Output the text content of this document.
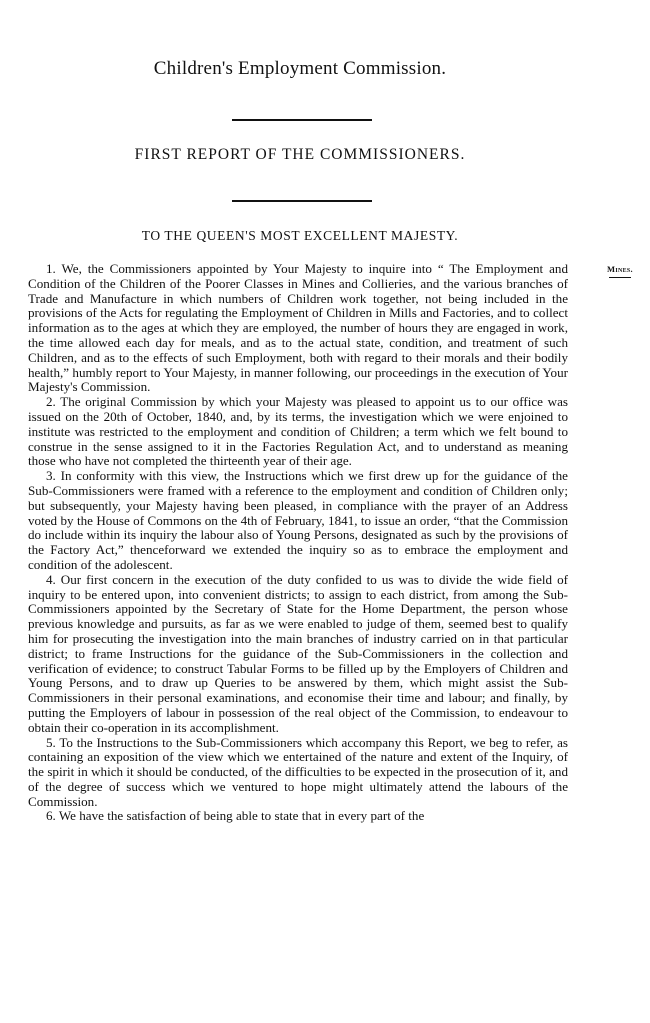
Children's Employment Commission.
FIRST REPORT OF THE COMMISSIONERS.
TO THE QUEEN'S MOST EXCELLENT MAJESTY.
Mines.

1. We, the Commissioners appointed by Your Majesty to inquire into “ The Employment and Condition of the Children of the Poorer Classes in Mines and Collieries, and the various branches of Trade and Manufacture in which numbers of Children work together, not being included in the provisions of the Acts for regulating the Employment of Children in Mills and Factories, and to collect information as to the ages at which they are employed, the number of hours they are engaged in work, the time allowed each day for meals, and as to the actual state, condition, and treatment of such Children, and as to the effects of such Employment, both with regard to their morals and their bodily health,” humbly report to Your Majesty, in manner following, our proceedings in the execution of Your Majesty's Commission.

2. The original Commission by which your Majesty was pleased to appoint us to our office was issued on the 20th of October, 1840, and, by its terms, the investigation which we were enjoined to institute was restricted to the employment and condition of Children; a term which we felt bound to construe in the sense assigned to it in the Factories Regulation Act, and to understand as meaning those who have not completed the thirteenth year of their age.

3. In conformity with this view, the Instructions which we first drew up for the guidance of the Sub-Commissioners were framed with a reference to the employment and condition of Children only; but subsequently, your Majesty having been pleased, in compliance with the prayer of an Address voted by the House of Commons on the 4th of February, 1841, to issue an order, “that the Commission do include within its inquiry the labour also of Young Persons, designated as such by the provisions of the Factory Act,” thenceforward we extended the inquiry so as to embrace the employment and condition of the adolescent.

4. Our first concern in the execution of the duty confided to us was to divide the wide field of inquiry to be entered upon, into convenient districts; to assign to each district, from among the Sub-Commissioners appointed by the Secretary of State for the Home Department, the person whose previous knowledge and pursuits, as far as we were enabled to judge of them, seemed best to qualify him for prosecuting the investigation into the main branches of industry carried on in that particular district; to frame Instructions for the guidance of the Sub-Commissioners in the collection and verification of evidence; to construct Tabular Forms to be filled up by the Employers of Children and Young Persons, and to draw up Queries to be answered by them, which might assist the Sub-Commissioners in their personal examinations, and economise their time and labour; and finally, by putting the Employers of labour in possession of the real object of the Commission, to endeavour to obtain their co-operation in its accomplishment.

5. To the Instructions to the Sub-Commissioners which accompany this Report, we beg to refer, as containing an exposition of the view which we entertained of the nature and extent of the Inquiry, of the spirit in which it should be conducted, of the difficulties to be expected in the prosecution of it, and of the degree of success which we ventured to hope might ultimately attend the labours of the Commission.

6. We have the satisfaction of being able to state that in every part of the
